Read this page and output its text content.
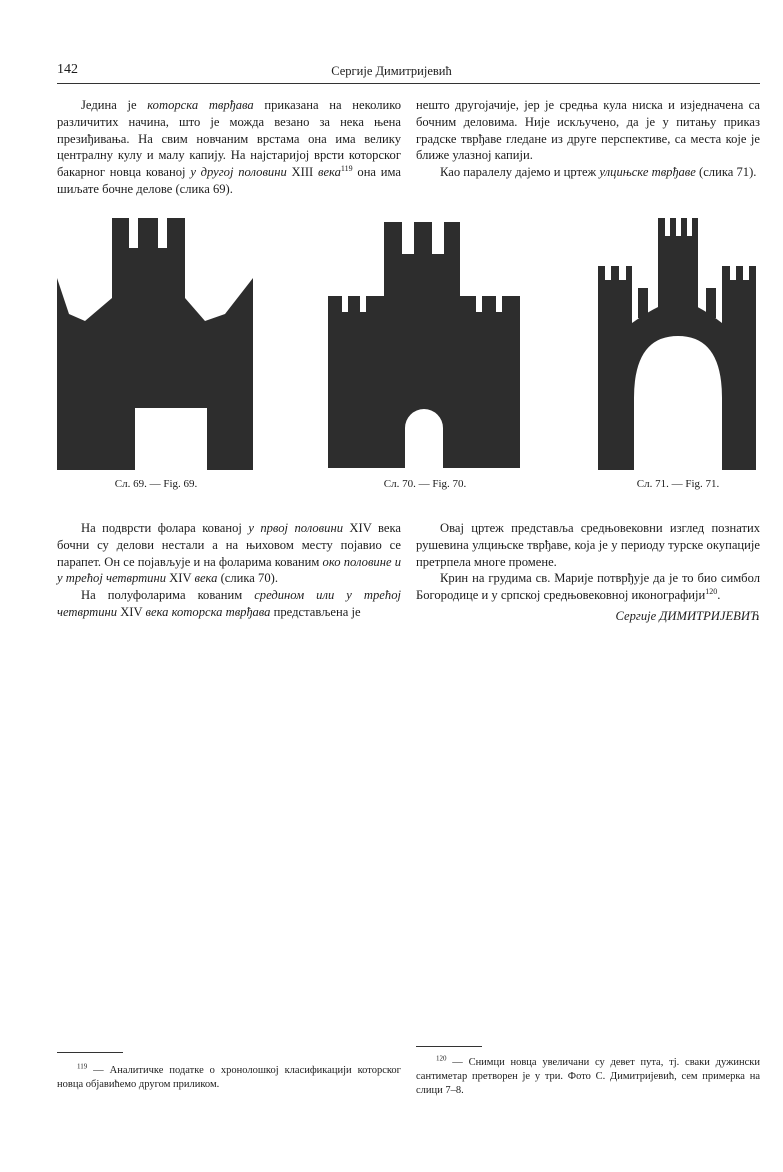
142	Сергије Димитријевић

Једина је которска тврђава приказана на неколико различитих начина, што је можда везано за нека њена презиђивања. На свим новчаним врстама она има велику централну кулу и малу капију. На најстаријој врсти которског бакарног новца кованој у другој половини XIII века$^{119}$ она има шиљате бочне делове (слика 69).

нешто другојачије, јер је средња кула ниска и изједначена са бочним деловима. Није искључено, да је у питању приказ градске тврђаве гледане из друге перспективе, са места које је ближе улазној капији.

Као паралелу дајемо и цртеж улцињске тврђаве (слика 71).

Сл. 69. — Fig. 69.	Сл. 70. — Fig. 70.	Сл. 71. — Fig. 71.

На подврсти фолара кованој у првој половини XIV века бочни су делови нестали а на њиховом месту појавио се парапет. Он се појављује и на фоларима кованим око половине и у трећој четвртини XIV века (слика 70).

На полуфоларима кованим средином или у трећој четвртини XIV века которска тврђава представљена је

Овај цртеж представља средњовековни изглед познатих рушевина улцињске тврђаве, која је у периоду турске окупације претрпела многе промене.

Крин на грудима св. Марије потврђује да је то био симбол Богородице и у српској средњовековној иконографији$^{120}$.

Сергије ДИМИТРИЈЕВИЋ
$^{119}$ — Аналитичке податке о хронолошкој класификацији которског новца објавићемо другом приликом.
$^{120}$ — Снимци новца увеличани су девет пута, тј. сваки дужински сантиметар претворен је у три. Фото С. Димитријевић, сем примерка на слици 7–8.
